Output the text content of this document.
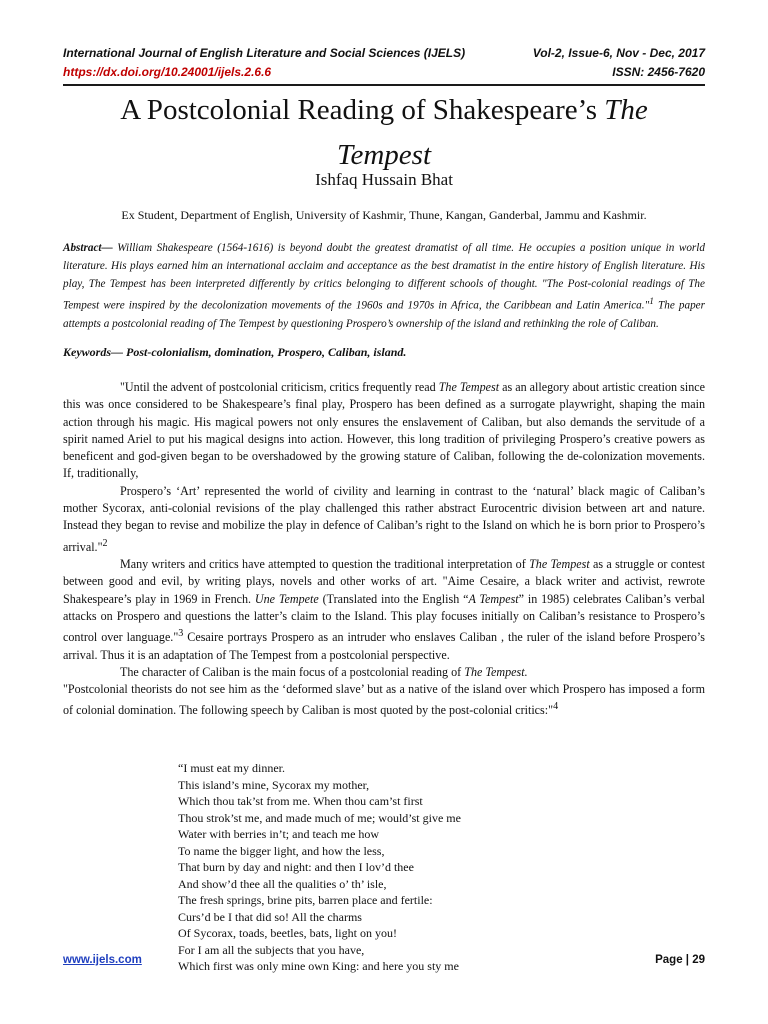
International Journal of English Literature and Social Sciences (IJELS)	Vol-2, Issue-6, Nov - Dec, 2017
https://dx.doi.org/10.24001/ijels.2.6.6	ISSN: 2456-7620
A Postcolonial Reading of Shakespeare’s The
Tempest
Ishfaq Hussain Bhat
Ex Student, Department of English, University of Kashmir, Thune, Kangan, Ganderbal, Jammu and Kashmir.
Abstract— William Shakespeare (1564-1616) is beyond doubt the greatest dramatist of all time. He occupies a position unique in world literature. His plays earned him an international acclaim and acceptance as the best dramatist in the entire history of English literature. His play, The Tempest has been interpreted differently by critics belonging to different schools of thought. "The Post-colonial readings of The Tempest were inspired by the decolonization movements of the 1960s and 1970s in Africa, the Caribbean and Latin America."$^1$ The paper attempts a postcolonial reading of The Tempest by questioning Prospero’s ownership of the island and rethinking the role of Caliban.
Keywords— Post-colonialism, domination, Prospero, Caliban, island.

"Until the advent of postcolonial criticism, critics frequently read The Tempest as an allegory about artistic creation since this was once considered to be Shakespeare’s final play, Prospero has been defined as a surrogate playwright, shaping the main action through his magic. His magical powers not only ensures the enslavement of Caliban, but also demands the servitude of a spirit named Ariel to put his magical designs into action. However, this long tradition of privileging Prospero’s creative powers as beneficent and god-given began to be overshadowed by the growing stature of Caliban, following the de-colonization movements. If, traditionally,

Prospero’s ‘Art’ represented the world of civility and learning in contrast to the ‘natural’ black magic of Caliban’s mother Sycorax, anti-colonial revisions of the play challenged this rather abstract Eurocentric division between art and nature. Instead they began to revise and mobilize the play in defence of Caliban’s right to the Island on which he is born prior to Prospero’s arrival."$^2$

Many writers and critics have attempted to question the traditional interpretation of The Tempest as a struggle or contest between good and evil, by writing plays, novels and other works of art. "Aime Cesaire, a black writer and activist, rewrote Shakespeare’s play in 1969 in French. Une Tempete (Translated into the English “A Tempest” in 1985) celebrates Caliban’s verbal attacks on Prospero and questions the latter’s claim to the Island. This play focuses initially on Caliban’s resistance to Prospero’s control over language."$^3$ Cesaire portrays Prospero as an intruder who enslaves Caliban , the ruler of the island before Prospero’s arrival. Thus it is an adaptation of The Tempest from a postcolonial perspective.

The character of Caliban is the main focus of a postcolonial reading of The Tempest.

"Postcolonial theorists do not see him as the ‘deformed slave’ but as a native of the island over which Prospero has imposed a form of colonial domination. The following speech by Caliban is most quoted by the post-colonial critics:"$^4$

“I must eat my dinner.
This island’s mine, Sycorax my mother,
Which thou tak’st from me. When thou cam’st first
Thou strok’st me, and made much of me; would’st give me
Water with berries in’t; and teach me how
To name the bigger light, and how the less,
That burn by day and night: and then I lov’d thee
And show’d thee all the qualities o’ th’ isle,
The fresh springs, brine pits, barren place and fertile:
Curs’d be I that did so! All the charms
Of Sycorax, toads, beetles, bats, light on you!
For I am all the subjects that you have,
Which first was only mine own King: and here you sty me
www.ijels.com	Page | 29
